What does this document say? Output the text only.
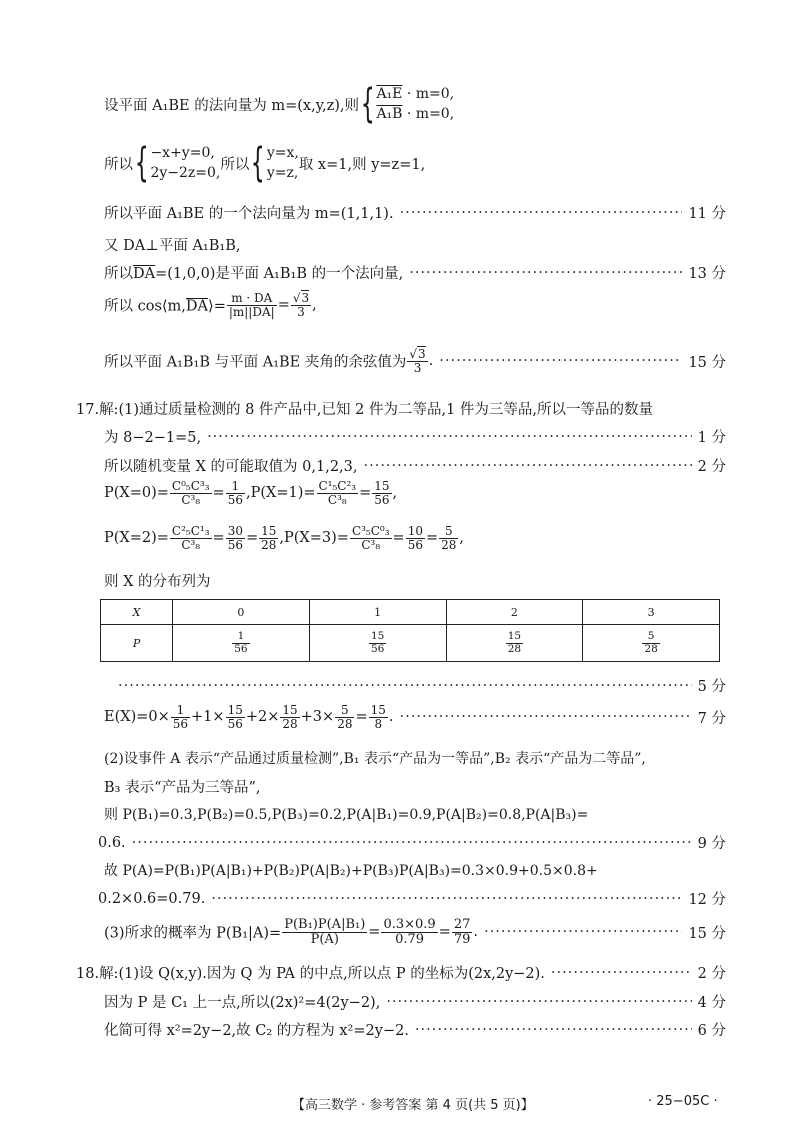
设平面 A₁BE 的法向量为 m=(x,y,z),则{ A₁E · m=0,
A₁B · m=0,
所以{ −x+y=0,
2y−2z=0,
所以{ y=x,
y=z,
取 x=1,则 y=z=1,
所以平面 A₁BE 的一个法向量为 m=(1,1,1). ·····	11 分
又 DA⊥平面 A₁B₁B,
所以$\overline{DA}=(1,0,0)$是平面 A₁B₁B 的一个法向量, ·····	13 分
所以 $\cos⟨m,\overline{DA}⟩= \frac{m \cdot DA}{|m||DA|} = \frac{√3}{3}$ ,
所以平面 A₁B₁B 与平面 A₁BE 夹角的余弦值为 $\frac{√3}{3}$ . ·····	15 分
17.解:(1)通过质量检测的 8 件产品中,已知 2 件为二等品,1 件为三等品,所以一等品的数量
为 8−2−1=5, ·····	1 分
所以随机变量 X 的可能取值为 0,1,2,3, ·····	2 分
$P(X=0)= \frac{\text{C⁰₅C³₃}}{\text{C³₈}} = \frac{1}{56} ,P(X=1)= \frac{\text{C¹₅C²₃}}{\text{C³₈}} = \frac{15}{56}$ ,
$P(X=2)= \frac{\text{C²₅C¹₃}}{\text{C³₈}} = \frac{30}{56} = \frac{15}{28} ,P(X=3)= \frac{\text{C³₅C⁰₃}}{\text{C³₈}} = \frac{10}{56} = \frac{5}{28}$ ,
则 X 的分布列为
X	0	1	2	3
P	$\frac{1}{56}$	$\frac{15}{56}$	$\frac{15}{28}$	$\frac{5}{28}$
·····
5 分
$E(X)=0\times \frac{1}{56} +1\times \frac{15}{56} +2\times \frac{15}{28} +3\times \frac{5}{28} = \frac{15}{8}$ . ·····	7 分
(2)设事件 A 表示“产品通过质量检测”,B₁ 表示“产品为一等品”,B₂ 表示“产品为二等品”,
B₃ 表示“产品为三等品”,
则 P(B₁)=0.3,P(B₂)=0.5,P(B₃)=0.2,P(A|B₁)=0.9,P(A|B₂)=0.8,P(A|B₃)=
0.6. ·····	9 分
故 P(A)=P(B₁)P(A|B₁)+P(B₂)P(A|B₂)+P(B₃)P(A|B₃)=0.3×0.9+0.5×0.8+
0.2×0.6=0.79. ·····	12 分
(3)所求的概率为 $P(B_1|A)= \frac{\text{P(B₁)P(A|B₁)}}{P(A)} = \frac{0.3\times 0.9}{0.79} = \frac{27}{79}$ . ·····	15 分
18.解:(1)设 Q(x,y).因为 Q 为 PA 的中点,所以点 P 的坐标为(2x,2y−2). ·····	2 分
因为 P 是 C₁ 上一点,所以(2x)²=4(2y−2), ·····	4 分
化简可得 x²=2y−2,故 C₂ 的方程为 x²=2y−2. ·····	6 分
【高三数学 · 参考答案 第 4 页(共 5 页)】	· 25−05C ·
